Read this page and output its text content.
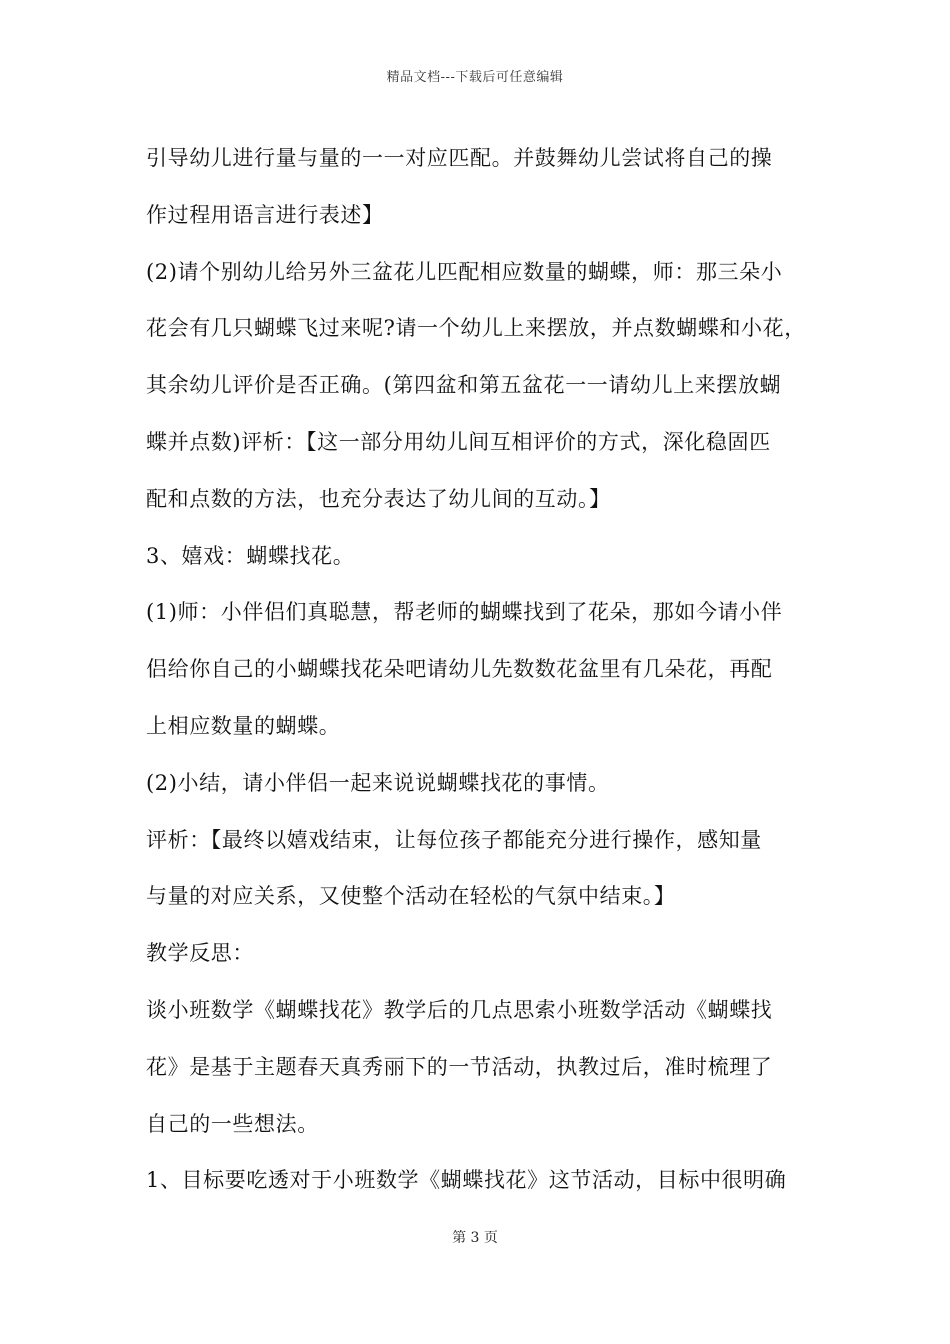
精品文档---下载后可任意编辑
引导幼儿进行量与量的一一对应匹配。并鼓舞幼儿尝试将自己的操
作过程用语言进行表述】
(2)请个别幼儿给另外三盆花儿匹配相应数量的蝴蝶，师：那三朵小
花会有几只蝴蝶飞过来呢?请一个幼儿上来摆放，并点数蝴蝶和小花，
其余幼儿评价是否正确。(第四盆和第五盆花一一请幼儿上来摆放蝴
蝶并点数)评析：【这一部分用幼儿间互相评价的方式，深化稳固匹
配和点数的方法，也充分表达了幼儿间的互动。】
3、嬉戏：蝴蝶找花。
(1)师：小伴侣们真聪慧，帮老师的蝴蝶找到了花朵，那如今请小伴
侣给你自己的小蝴蝶找花朵吧请幼儿先数数花盆里有几朵花，再配
上相应数量的蝴蝶。
(2)小结，请小伴侣一起来说说蝴蝶找花的事情。
评析：【最终以嬉戏结束，让每位孩子都能充分进行操作，感知量
与量的对应关系，又使整个活动在轻松的气氛中结束。】
教学反思：
谈小班数学《蝴蝶找花》教学后的几点思索小班数学活动《蝴蝶找
花》是基于主题春天真秀丽下的一节活动，执教过后，准时梳理了
自己的一些想法。
1、目标要吃透对于小班数学《蝴蝶找花》这节活动，目标中很明确
第 3 页
